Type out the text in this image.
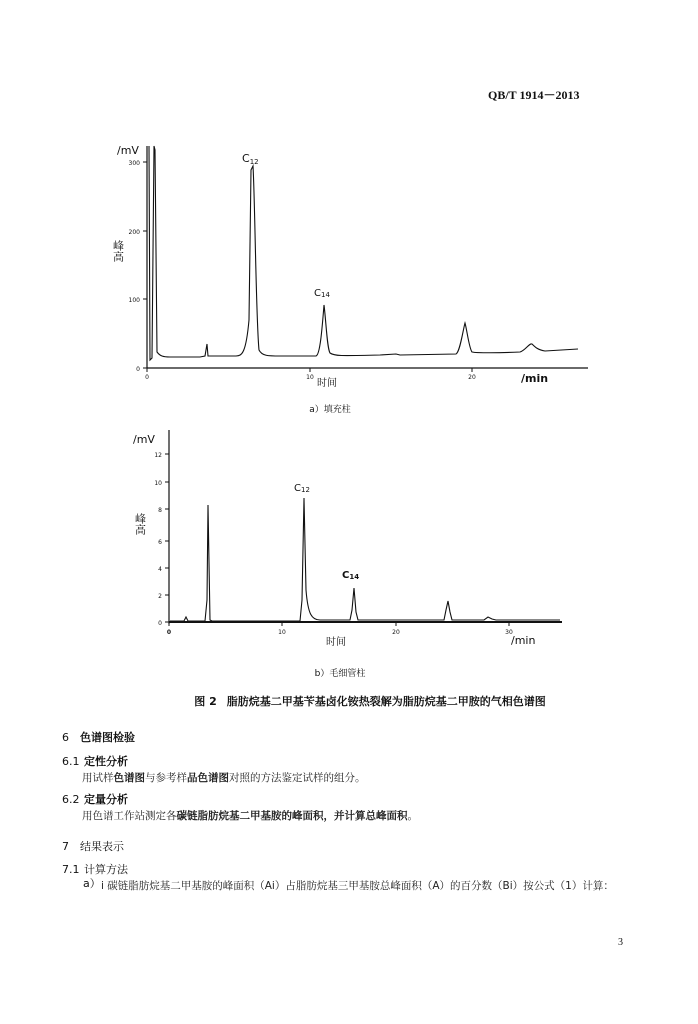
QB/T 1914－2013
0
100
200
300
0	10	20
/mV
峰高
时间	/min
C12
C14
a）填充柱
0
2
4
6
8
10
12
0	10	20	30
/mV
峰高
时间	/min
C12
C14
b）毛细管柱
图 2 脂肪烷基二甲基苄基卤化铵热裂解为脂肪烷基二甲胺的气相色谱图
6 色谱图检验
6.1 定性分析
用试样色谱图与参考样品色谱图对照的方法鉴定试样的组分。
6.2 定量分析
用色谱工作站测定各碳链脂肪烷基二甲基胺的峰面积，并计算总峰面积。
7 结果表示
7.1 计算方法
a） i 碳链脂肪烷基二甲基胺的峰面积（Ai）占脂肪烷基三甲基胺总峰面积（A）的百分数（Bi）按公式（1）计算：
3
